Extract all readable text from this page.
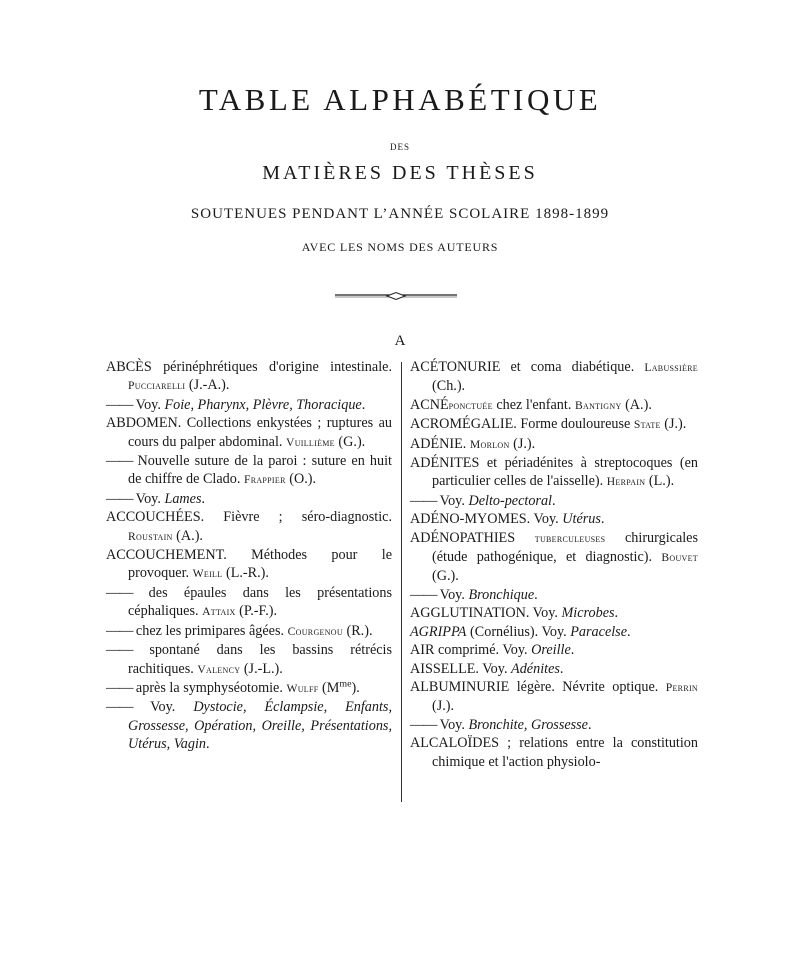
TABLE ALPHABÉTIQUE
DES
MATIÈRES DES THÈSES
SOUTENUES PENDANT L’ANNÉE SCOLAIRE 1898-1899
AVEC LES NOMS DES AUTEURS
A

ABCÈS périnéphrétiques d'origine intestinale. Pucciarelli (J.-A.).

—— Voy. Foie, Pharynx, Plèvre, Thoracique.

ABDOMEN. Collections enkystées ; ruptures au cours du palper abdominal. Vuillième (G.).

—— Nouvelle suture de la paroi : suture en huit de chiffre de Clado. Frappier (O.).

—— Voy. Lames.

ACCOUCHÉES. Fièvre ; séro-diagnostic. Roustain (A.).

ACCOUCHEMENT. Méthodes pour le provoquer. Weill (L.-R.).

—— des épaules dans les présentations céphaliques. Attaix (P.-F.).

—— chez les primipares âgées. Courgenou (R.).

—— spontané dans les bassins rétrécis rachitiques. Valency (J.-L.).

—— après la symphyséotomie. Wulff $(M^{me})$.

—— Voy. Dystocie, Éclampsie, Enfants, Grossesse, Opération, Oreille, Présentations, Utérus, Vagin.

ACÉTONURIE et coma diabétique. Labussière (Ch.).

ACNÉponctuée chez l'enfant. Bantigny (A.).

ACROMÉGALIE. Forme douloureuse State (J.).

ADÉNIE. Morlon (J.).

ADÉNITES et périadénites à streptocoques (en particulier celles de l'aisselle). Herpain (L.).

—— Voy. Delto-pectoral.

ADÉNO-MYOMES. Voy. Utérus.

ADÉNOPATHIES tuberculeuses chirurgicales (étude pathogénique, et diagnostic). Bouvet (G.).

—— Voy. Bronchique.

AGGLUTINATION. Voy. Microbes.

AGRIPPA (Cornélius). Voy. Paracelse.

AIR comprimé. Voy. Oreille.

AISSELLE. Voy. Adénites.

ALBUMINURIE légère. Névrite optique. Perrin (J.).

—— Voy. Bronchite, Grossesse.

ALCALOÏDES ; relations entre la constitution chimique et l'action physiolo-
